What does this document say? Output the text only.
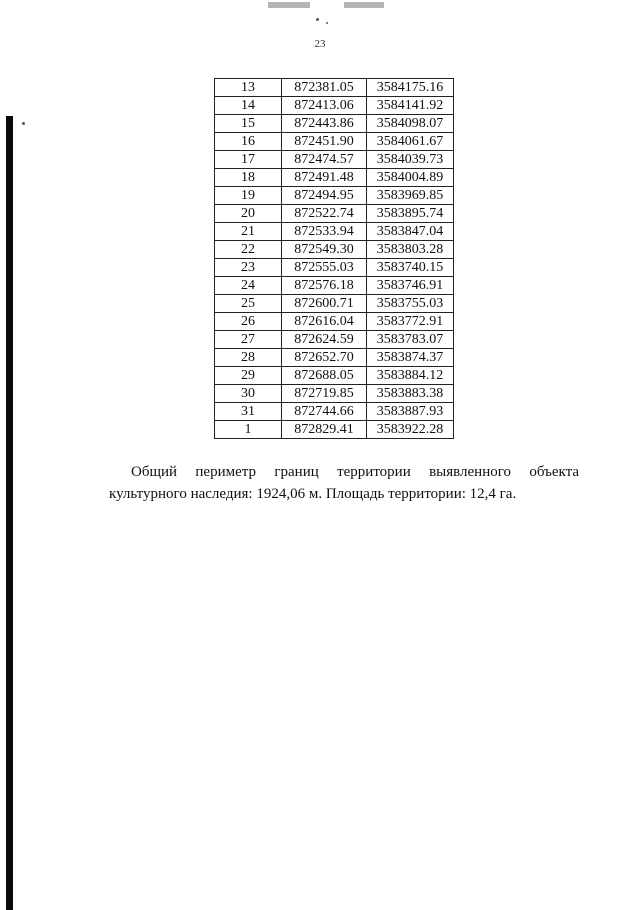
23
13	872381.05	3584175.16
14	872413.06	3584141.92
15	872443.86	3584098.07
16	872451.90	3584061.67
17	872474.57	3584039.73
18	872491.48	3584004.89
19	872494.95	3583969.85
20	872522.74	3583895.74
21	872533.94	3583847.04
22	872549.30	3583803.28
23	872555.03	3583740.15
24	872576.18	3583746.91
25	872600.71	3583755.03
26	872616.04	3583772.91
27	872624.59	3583783.07
28	872652.70	3583874.37
29	872688.05	3583884.12
30	872719.85	3583883.38
31	872744.66	3583887.93
1	872829.41	3583922.28

Общий периметр границ территории выявленного объекта
культурного наследия: 1924,06 м. Площадь территории: 12,4 га.
